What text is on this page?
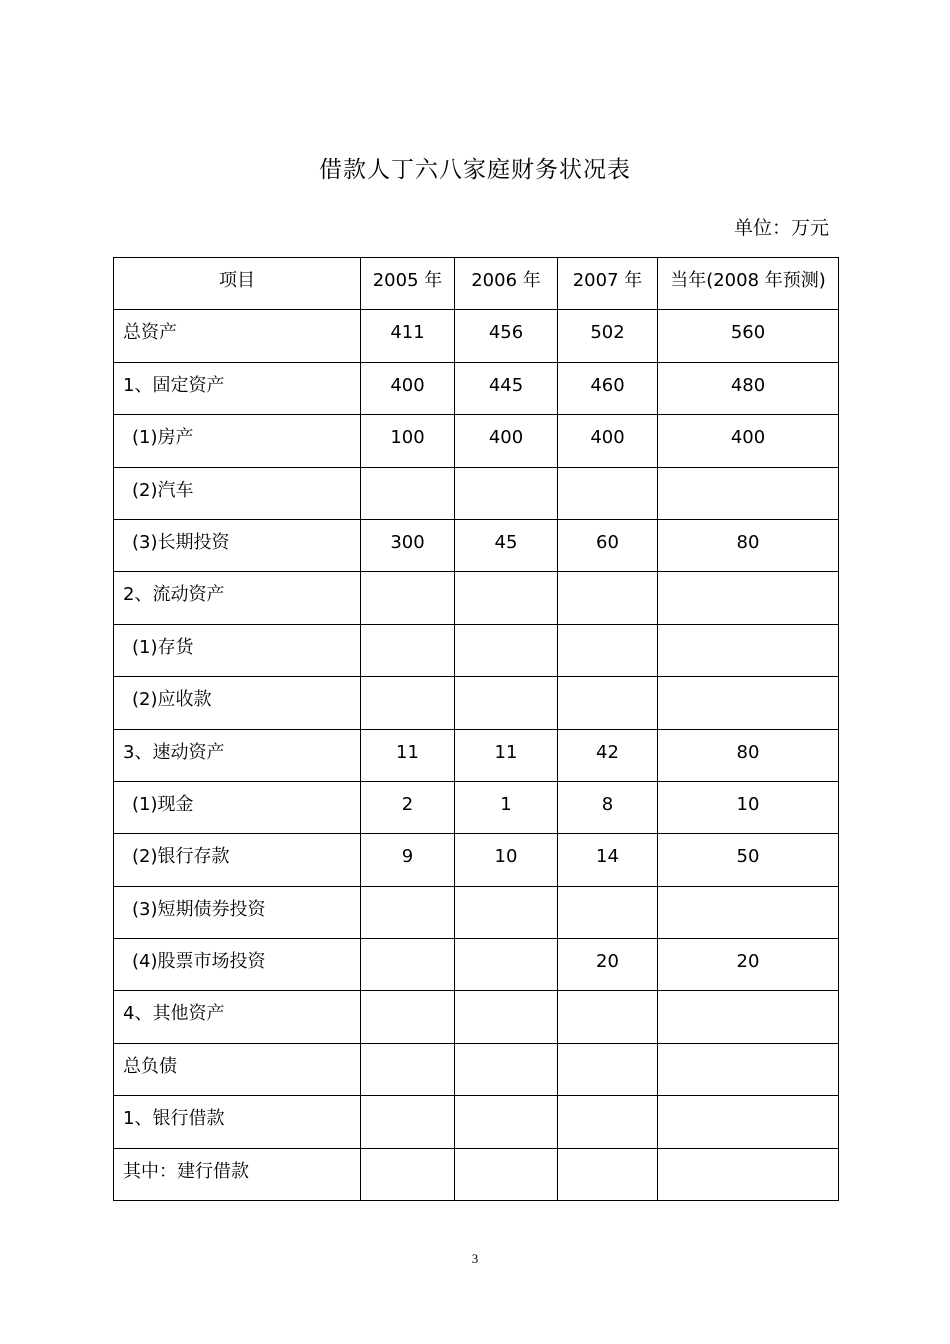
借款人丁六八家庭财务状况表
单位：万元
项目	2005 年	2006 年	2007 年	当年(2008 年预测)

总资产	411	456	502	560

1、固定资产	400	445	460	480

(1)房产	100	400	400	400

(2)汽车				

(3)长期投资	300	45	60	80

2、流动资产				

(1)存货				

(2)应收款				

3、速动资产	11	11	42	80

(1)现金	2	1	8	10

(2)银行存款	9	10	14	50

(3)短期债券投资				

(4)股票市场投资			20	20

4、其他资产				

总负债				

1、银行借款				

其中：建行借款				

3
